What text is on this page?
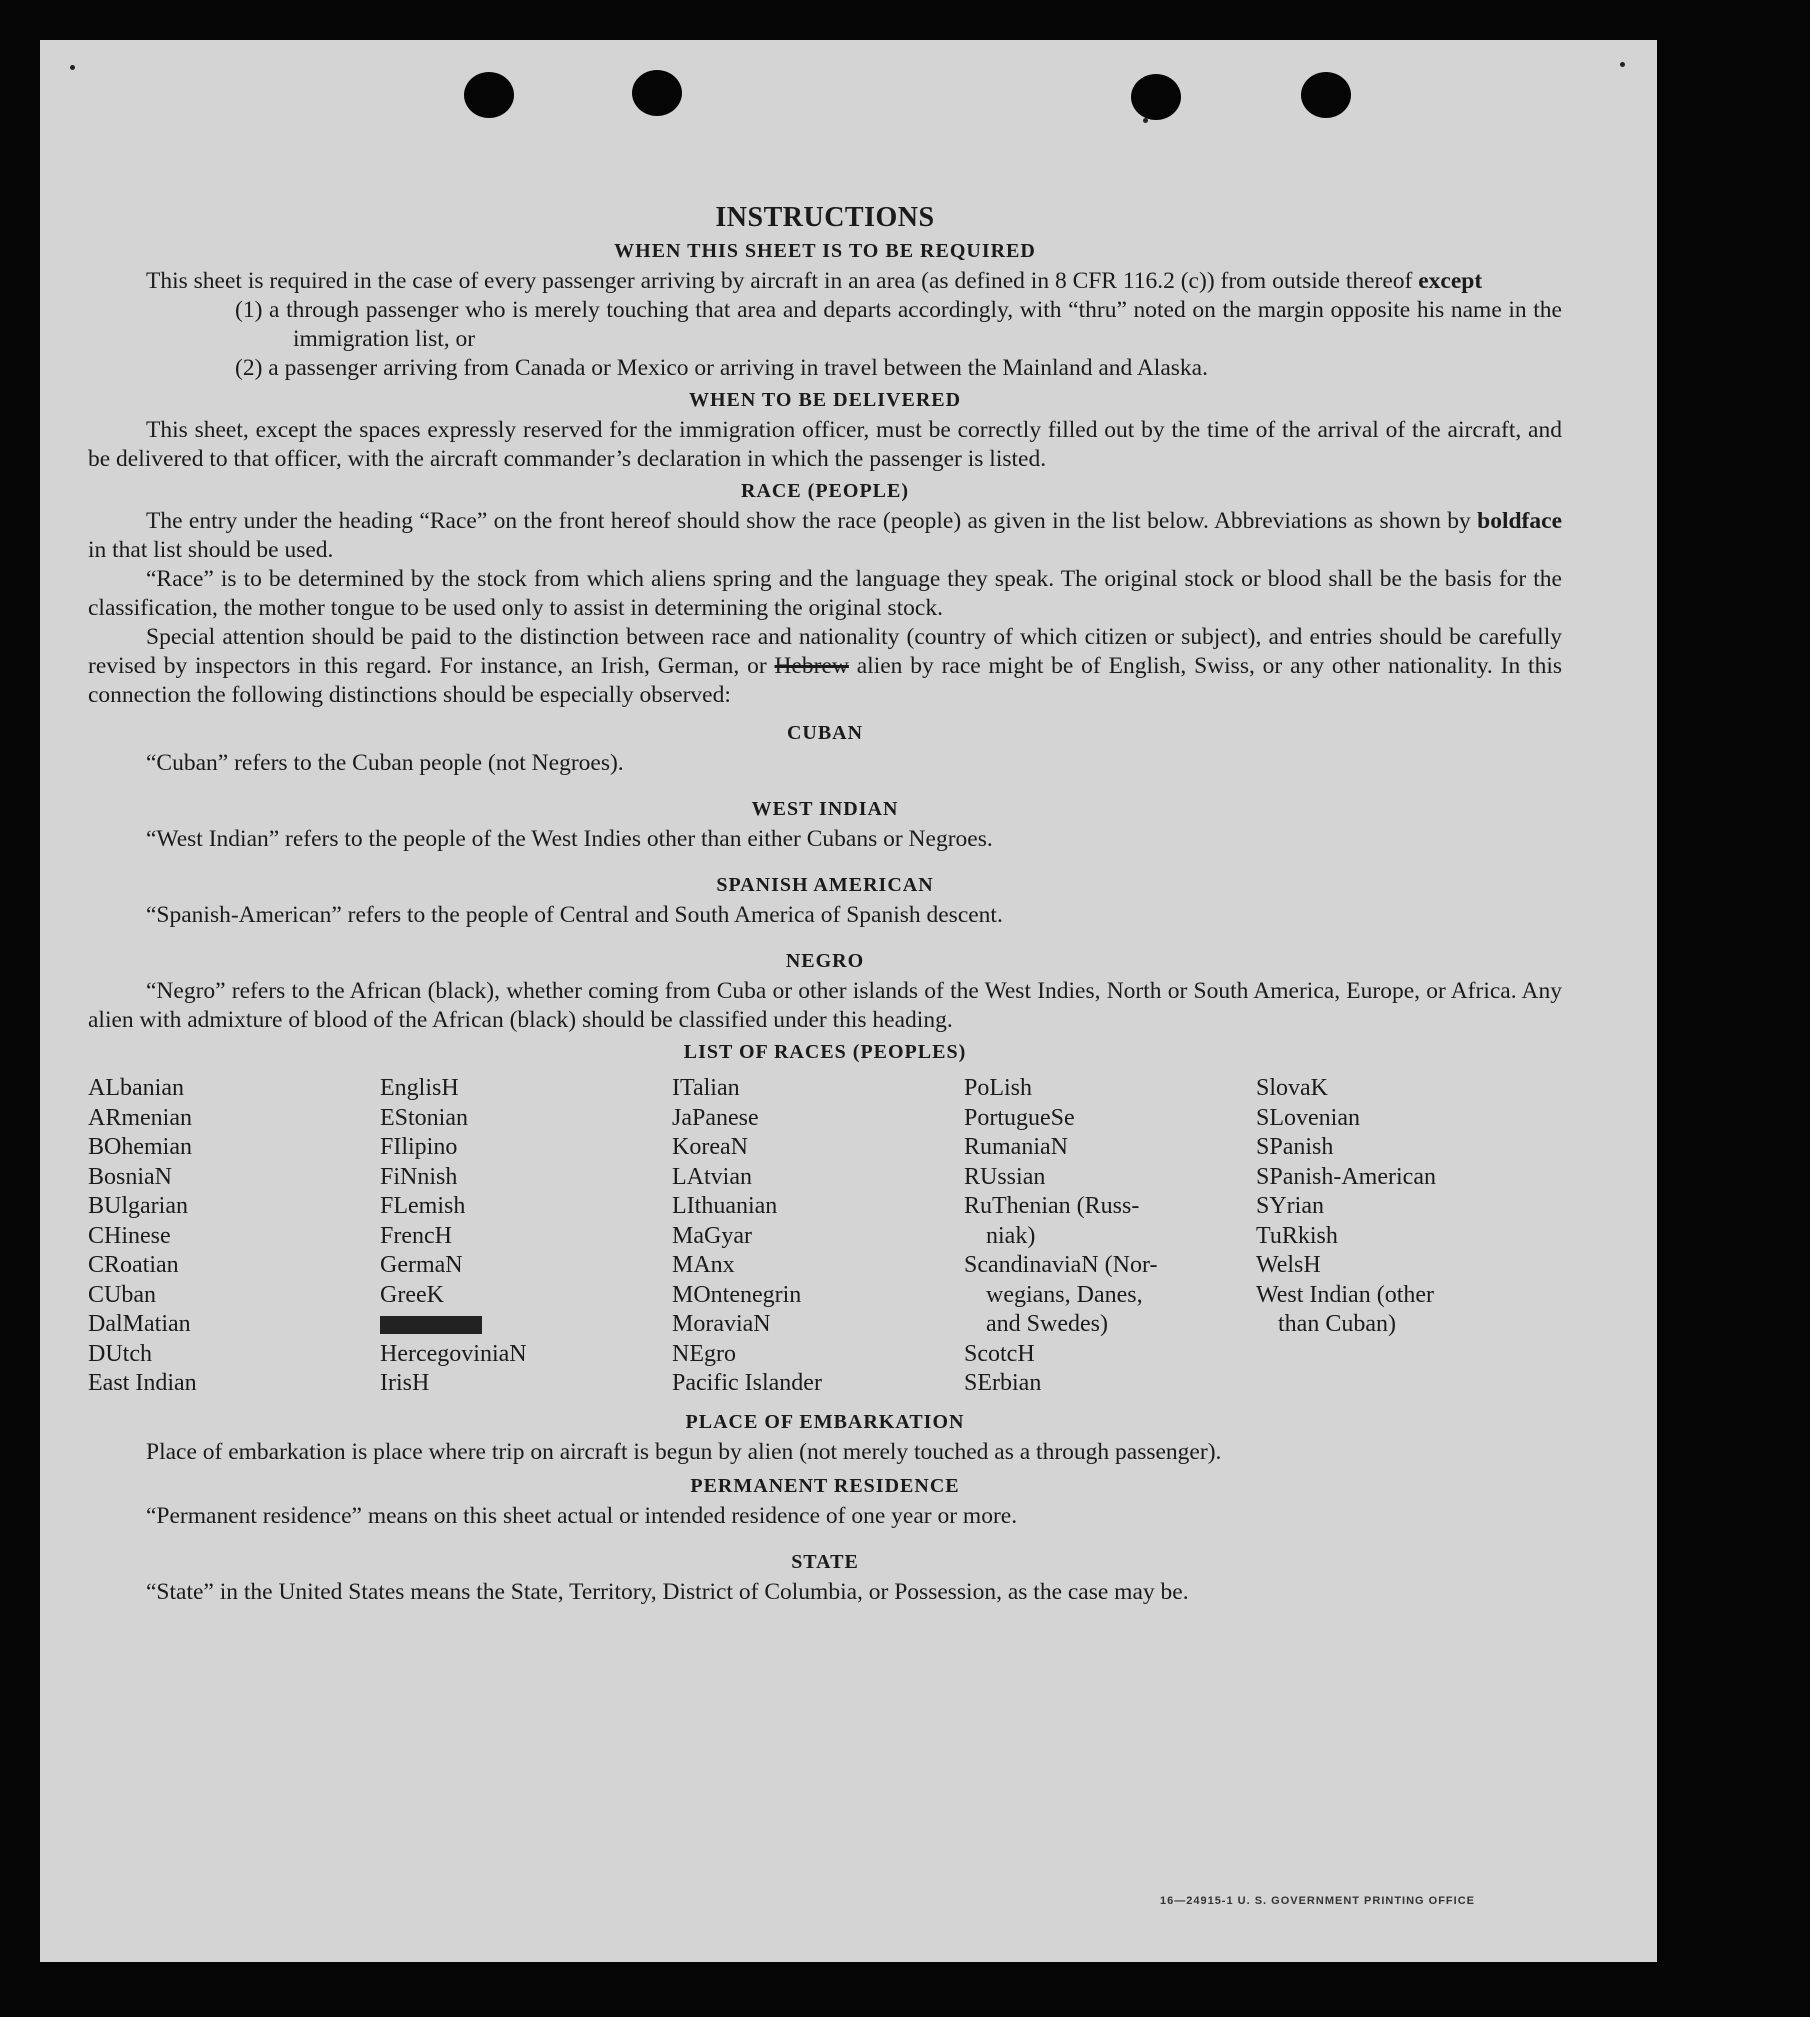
INSTRUCTIONS
WHEN THIS SHEET IS TO BE REQUIRED

This sheet is required in the case of every passenger arriving by aircraft in an area (as defined in 8 CFR 116.2 (c)) from outside thereof except

(1) a through passenger who is merely touching that area and departs accordingly, with “thru” noted on the margin opposite his name in the immigration list, or

(2) a passenger arriving from Canada or Mexico or arriving in travel between the Mainland and Alaska.

WHEN TO BE DELIVERED

This sheet, except the spaces expressly reserved for the immigration officer, must be correctly filled out by the time of the arrival of the aircraft, and be delivered to that officer, with the aircraft commander’s declaration in which the passenger is listed.

RACE (PEOPLE)

The entry under the heading “Race” on the front hereof should show the race (people) as given in the list below. Abbreviations as shown by boldface in that list should be used.

“Race” is to be determined by the stock from which aliens spring and the language they speak. The original stock or blood shall be the basis for the classification, the mother tongue to be used only to assist in determining the original stock.

Special attention should be paid to the distinction between race and nationality (country of which citizen or subject), and entries should be carefully revised by inspectors in this regard. For instance, an Irish, German, or Hebrew alien by race might be of English, Swiss, or any other nationality. In this connection the following distinctions should be especially observed:

CUBAN

“Cuban” refers to the Cuban people (not Negroes).

WEST INDIAN

“West Indian” refers to the people of the West Indies other than either Cubans or Negroes.

SPANISH AMERICAN

“Spanish-American” refers to the people of Central and South America of Spanish descent.

NEGRO

“Negro” refers to the African (black), whether coming from Cuba or other islands of the West Indies, North or South America, Europe, or Africa. Any alien with admixture of blood of the African (black) should be classified under this heading.

LIST OF RACES (PEOPLES)
ALbanian
ARmenian
BOhemian
BosniaN
BUlgarian
CHinese
CRoatian
CUban
DalMatian
DUtch
East Indian
EnglisH
EStonian
FIlipino
FiNnish
FLemish
FrencH
GermaN
GreeK
HercegoviniaN
IrisH
ITalian
JaPanese
KoreaN
LAtvian
LIthuanian
MaGyar
MAnx
MOntenegrin
MoraviaN
NEgro
Pacific Islander
PoLish
PortugueSe
RumaniaN
RUssian
RuThenian (Russ-
niak)
ScandinaviaN (Nor-
wegians, Danes,
and Swedes)
ScotcH
SErbian
SlovaK
SLovenian
SPanish
SPanish-American
SYrian
TuRkish
WelsH
West Indian (other
than Cuban)
PLACE OF EMBARKATION

Place of embarkation is place where trip on aircraft is begun by alien (not merely touched as a through passenger).

PERMANENT RESIDENCE

“Permanent residence” means on this sheet actual or intended residence of one year or more.

STATE

“State” in the United States means the State, Territory, District of Columbia, or Possession, as the case may be.

16—24915-1 U. S. GOVERNMENT PRINTING OFFICE
